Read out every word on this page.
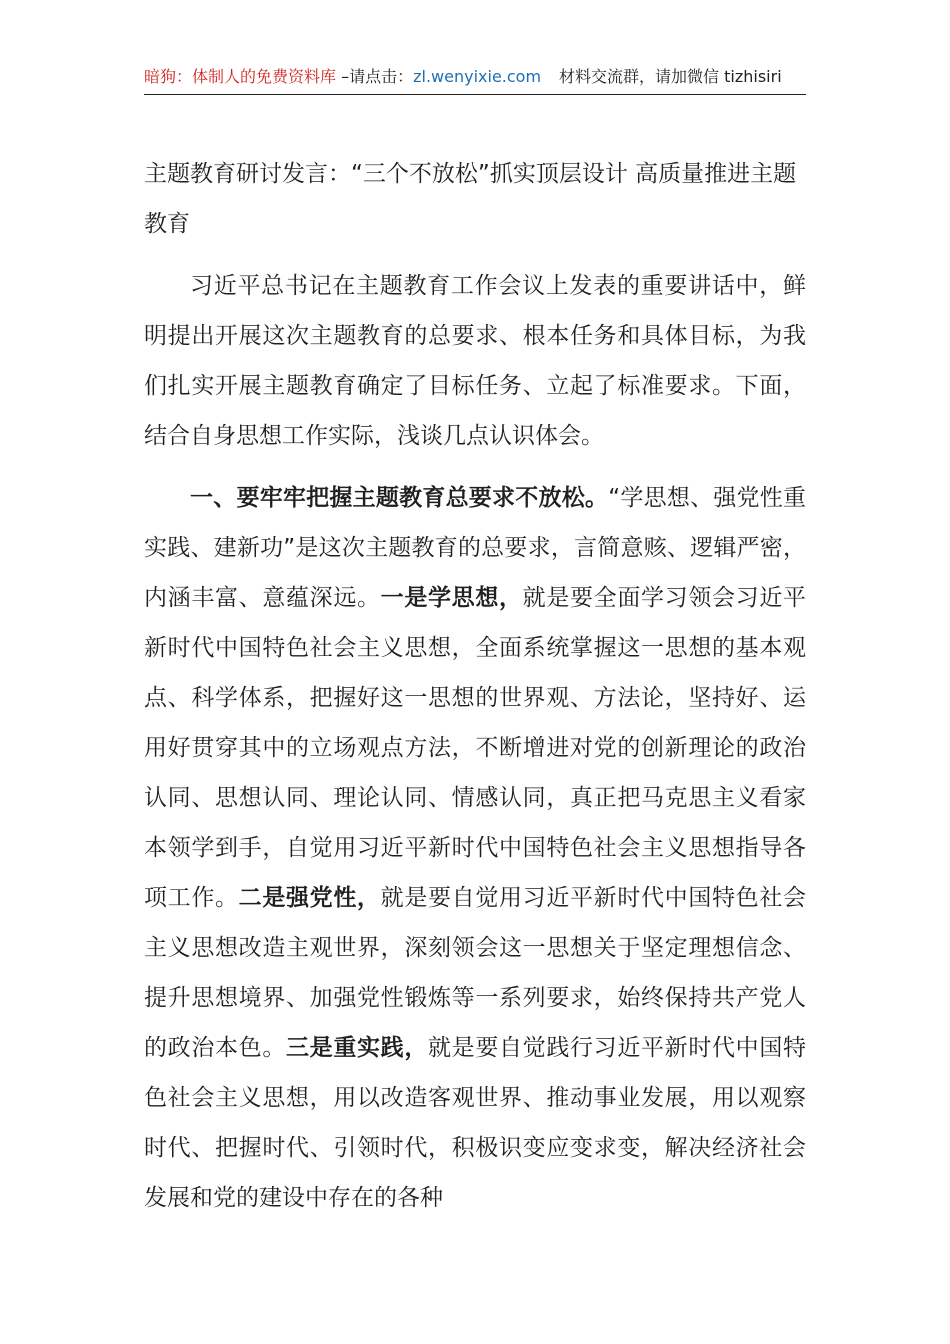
暗狗：体制人的免费资料库 –请点击：zl.wenyixie.com 材料交流群，请加微信 tizhisiri
主题教育研讨发言：“三个不放松”抓实顶层设计 高质量推进主题教育

习近平总书记在主题教育工作会议上发表的重要讲话中，鲜明提出开展这次主题教育的总要求、根本任务和具体目标，为我们扎实开展主题教育确定了目标任务、立起了标准要求。下面，结合自身思想工作实际，浅谈几点认识体会。

一、要牢牢把握主题教育总要求不放松。“学思想、强党性重实践、建新功”是这次主题教育的总要求，言简意赅、逻辑严密，内涵丰富、意蕴深远。一是学思想，就是要全面学习领会习近平新时代中国特色社会主义思想，全面系统掌握这一思想的基本观点、科学体系，把握好这一思想的世界观、方法论，坚持好、运用好贯穿其中的立场观点方法，不断增进对党的创新理论的政治认同、思想认同、理论认同、情感认同，真正把马克思主义看家本领学到手，自觉用习近平新时代中国特色社会主义思想指导各项工作。二是强党性，就是要自觉用习近平新时代中国特色社会主义思想改造主观世界，深刻领会这一思想关于坚定理想信念、提升思想境界、加强党性锻炼等一系列要求，始终保持共产党人的政治本色。三是重实践，就是要自觉践行习近平新时代中国特色社会主义思想，用以改造客观世界、推动事业发展，用以观察时代、把握时代、引领时代，积极识变应变求变，解决经济社会发展和党的建设中存在的各种
